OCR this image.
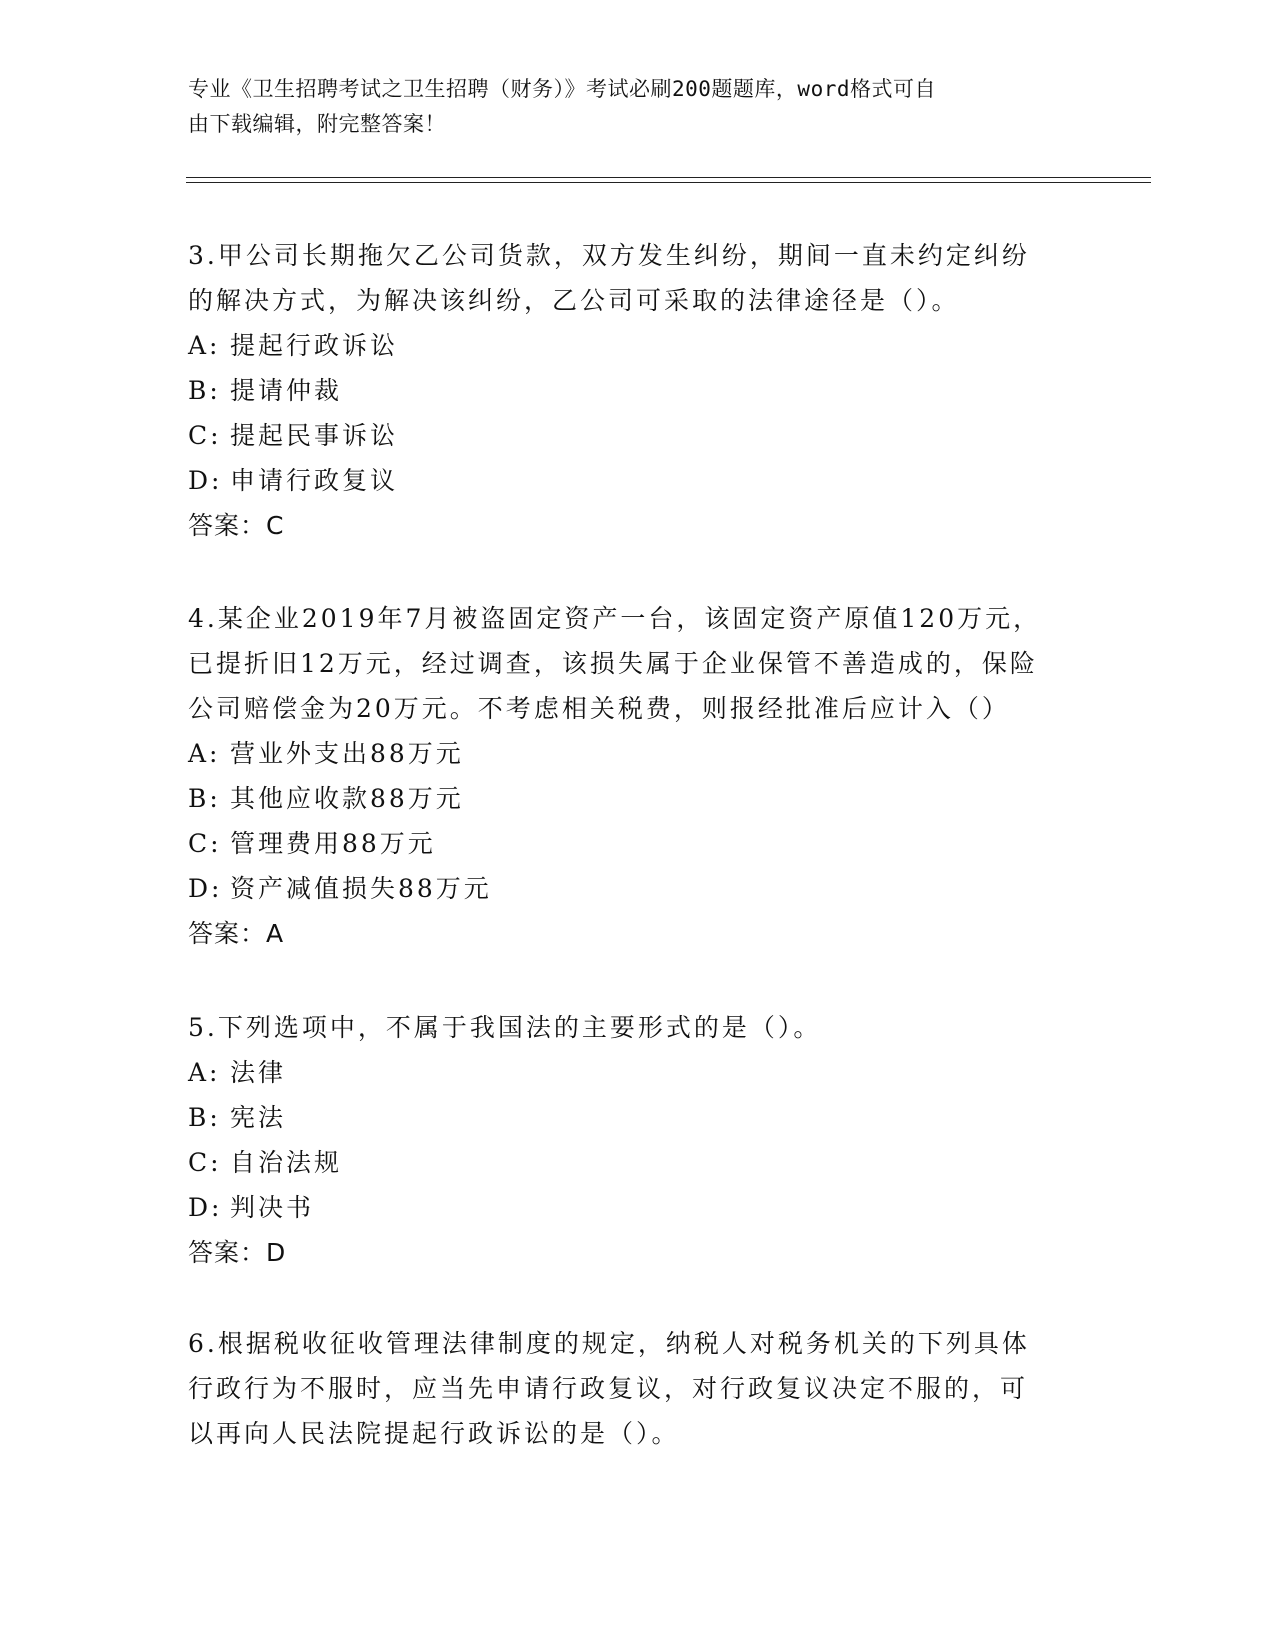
专业《卫生招聘考试之卫生招聘（财务）》考试必刷200题题库，word格式可自
由下载编辑，附完整答案！

3.甲公司长期拖欠乙公司货款，双方发生纠纷，期间一直未约定纠纷

的解决方式，为解决该纠纷，乙公司可采取的法律途径是（）。

A: 提起行政诉讼

B: 提请仲裁

C: 提起民事诉讼

D: 申请行政复议

答案：C

4.某企业2019年7月被盗固定资产一台，该固定资产原值120万元，

已提折旧12万元，经过调查，该损失属于企业保管不善造成的，保险

公司赔偿金为20万元。不考虑相关税费，则报经批准后应计入（）

A: 营业外支出88万元

B: 其他应收款88万元

C: 管理费用88万元

D: 资产减值损失88万元

答案：A

5.下列选项中，不属于我国法的主要形式的是（）。

A: 法律

B: 宪法

C: 自治法规

D: 判决书

答案：D

6.根据税收征收管理法律制度的规定，纳税人对税务机关的下列具体

行政行为不服时，应当先申请行政复议，对行政复议决定不服的，可

以再向人民法院提起行政诉讼的是（）。
